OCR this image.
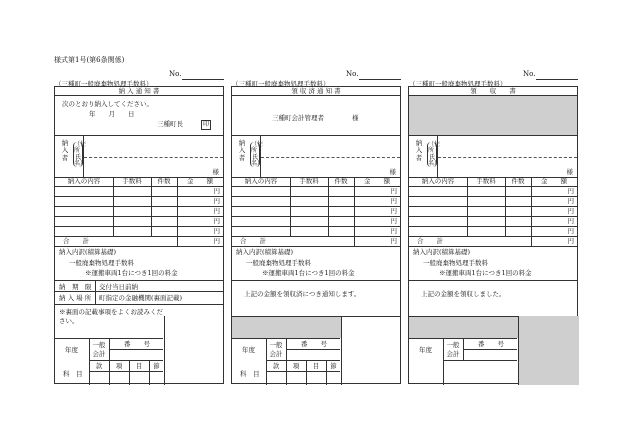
様式第1号(第6条関係)
No.
（三種町一般廃棄物処理手数料）
納 入 通 知 書
次のとおり納入してください。
年　　月　　日
三種町長	印
納入者
（住所・氏名）
様
納入の内容	手数料	件数	金　　額
円
円
円
円
円
合　　計	円
納入内訳(積算基礎)
一般廃棄物処理手数料
※運搬車両1台につき1回の料金
納　期　限 交付当日前納
納 入 場 所 町指定の金融機関(裏面記載)
※裏面の記載事項をよくお読みください。
年度
一般会計
番　　号
科　目
款	項	目	節
No.
（三種町一般廃棄物処理手数料）
領 収 済 通 知 書
三種町会計管理者	様
納入者
（住所・氏名）
様
納入の内容	手数料	件数	金　　額
円
円
円
円
円
合　　計	円
納入内訳(積算基礎)
一般廃棄物処理手数料
※運搬車両1台につき1回の料金
上記の金額を領収済につき通知します。
年度
一般会計
番　　号
科　目
款	項	目	節
No.
（三種町一般廃棄物処理手数料）
領　　収　　書
納入者
（住所・氏名）
様
納入の内容	手数料	件数	金　　額
円
円
円
円
円
合　　計	円
納入内訳(積算基礎)
一般廃棄物処理手数料
※運搬車両1台につき1回の料金
上記の金額を領収しました。
年度
一般会計
番　　号
